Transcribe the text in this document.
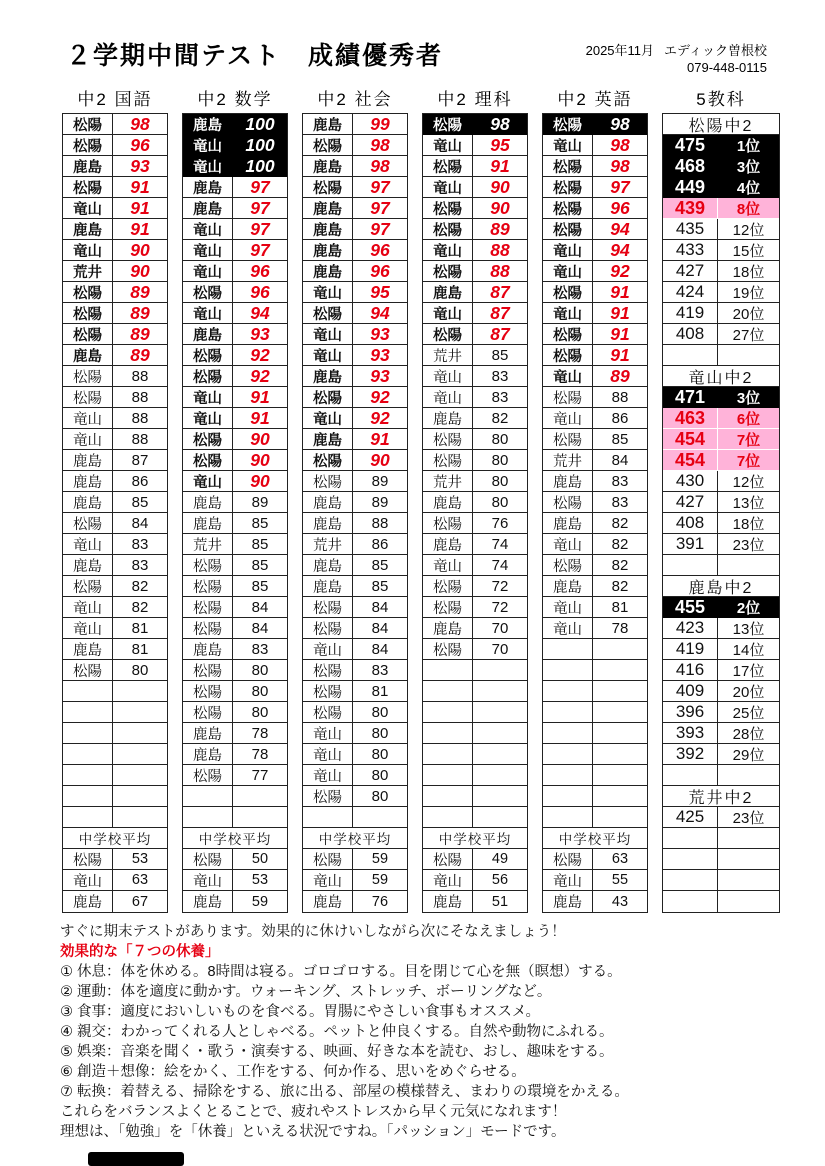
２学期中間テスト　成績優秀者	2025年11月 エディック曽根校
079-448-0115
中2 国語
松陽	98
松陽	96
鹿島	93
松陽	91
竜山	91
鹿島	91
竜山	90
荒井	90
松陽	89
松陽	89
松陽	89
鹿島	89
松陽	88
松陽	88
竜山	88
竜山	88
鹿島	87
鹿島	86
鹿島	85
松陽	84
竜山	83
鹿島	83
松陽	82
竜山	82
竜山	81
鹿島	81
松陽	80
中学校平均
松陽	53
竜山	63
鹿島	67
中2 数学
鹿島	100
竜山	100
竜山	100
鹿島	97
鹿島	97
竜山	97
竜山	97
竜山	96
松陽	96
竜山	94
鹿島	93
松陽	92
松陽	92
竜山	91
竜山	91
松陽	90
松陽	90
竜山	90
鹿島	89
鹿島	85
荒井	85
松陽	85
松陽	85
松陽	84
松陽	84
鹿島	83
松陽	80
松陽	80
松陽	80
鹿島	78
鹿島	78
松陽	77
中学校平均
松陽	50
竜山	53
鹿島	59
中2 社会
鹿島	99
松陽	98
鹿島	98
松陽	97
鹿島	97
鹿島	97
鹿島	96
鹿島	96
竜山	95
松陽	94
竜山	93
竜山	93
鹿島	93
松陽	92
竜山	92
鹿島	91
松陽	90
松陽	89
鹿島	89
鹿島	88
荒井	86
鹿島	85
鹿島	85
松陽	84
松陽	84
竜山	84
松陽	83
松陽	81
松陽	80
竜山	80
竜山	80
竜山	80
松陽	80
中学校平均
松陽	59
竜山	59
鹿島	76
中2 理科
松陽	98
竜山	95
松陽	91
竜山	90
松陽	90
松陽	89
竜山	88
松陽	88
鹿島	87
竜山	87
松陽	87
荒井	85
竜山	83
竜山	83
鹿島	82
松陽	80
松陽	80
荒井	80
鹿島	80
松陽	76
鹿島	74
竜山	74
松陽	72
松陽	72
鹿島	70
松陽	70
中学校平均
松陽	49
竜山	56
鹿島	51
中2 英語
松陽	98
竜山	98
松陽	98
松陽	97
松陽	96
松陽	94
竜山	94
竜山	92
松陽	91
竜山	91
松陽	91
松陽	91
竜山	89
松陽	88
竜山	86
松陽	85
荒井	84
鹿島	83
松陽	83
鹿島	82
竜山	82
松陽	82
鹿島	82
竜山	81
竜山	78
中学校平均
松陽	63
竜山	55
鹿島	43
5教科
松陽中2
475	1位
468	3位
449	4位
439	8位
435	12位
433	15位
427	18位
424	19位
419	20位
408	27位
竜山中2
471	3位
463	6位
454	7位
454	7位
430	12位
427	13位
408	18位
391	23位
鹿島中2
455	2位
423	13位
419	14位
416	17位
409	20位
396	25位
393	28位
392	29位
荒井中2
425	23位
すぐに期末テストがあります。効果的に休けいしながら次にそなえましょう！
効果的な「７つの休養」
① 休息：体を休める。8時間は寝る。ゴロゴロする。目を閉じて心を無（瞑想）する。
② 運動：体を適度に動かす。ウォーキング、ストレッチ、ボーリングなど。
③ 食事：適度においしいものを食べる。胃腸にやさしい食事もオススメ。
④ 親交：わかってくれる人としゃべる。ペットと仲良くする。自然や動物にふれる。
⑤ 娯楽：音楽を聞く・歌う・演奏する、映画、好きな本を読む、おし、趣味をする。
⑥ 創造＋想像：絵をかく、工作をする、何か作る、思いをめぐらせる。
⑦ 転換：着替える、掃除をする、旅に出る、部屋の模様替え、まわりの環境をかえる。
これらをバランスよくとることで、疲れやストレスから早く元気になれます！
理想は、「勉強」を「休養」といえる状況ですね。「パッション」モードです。
